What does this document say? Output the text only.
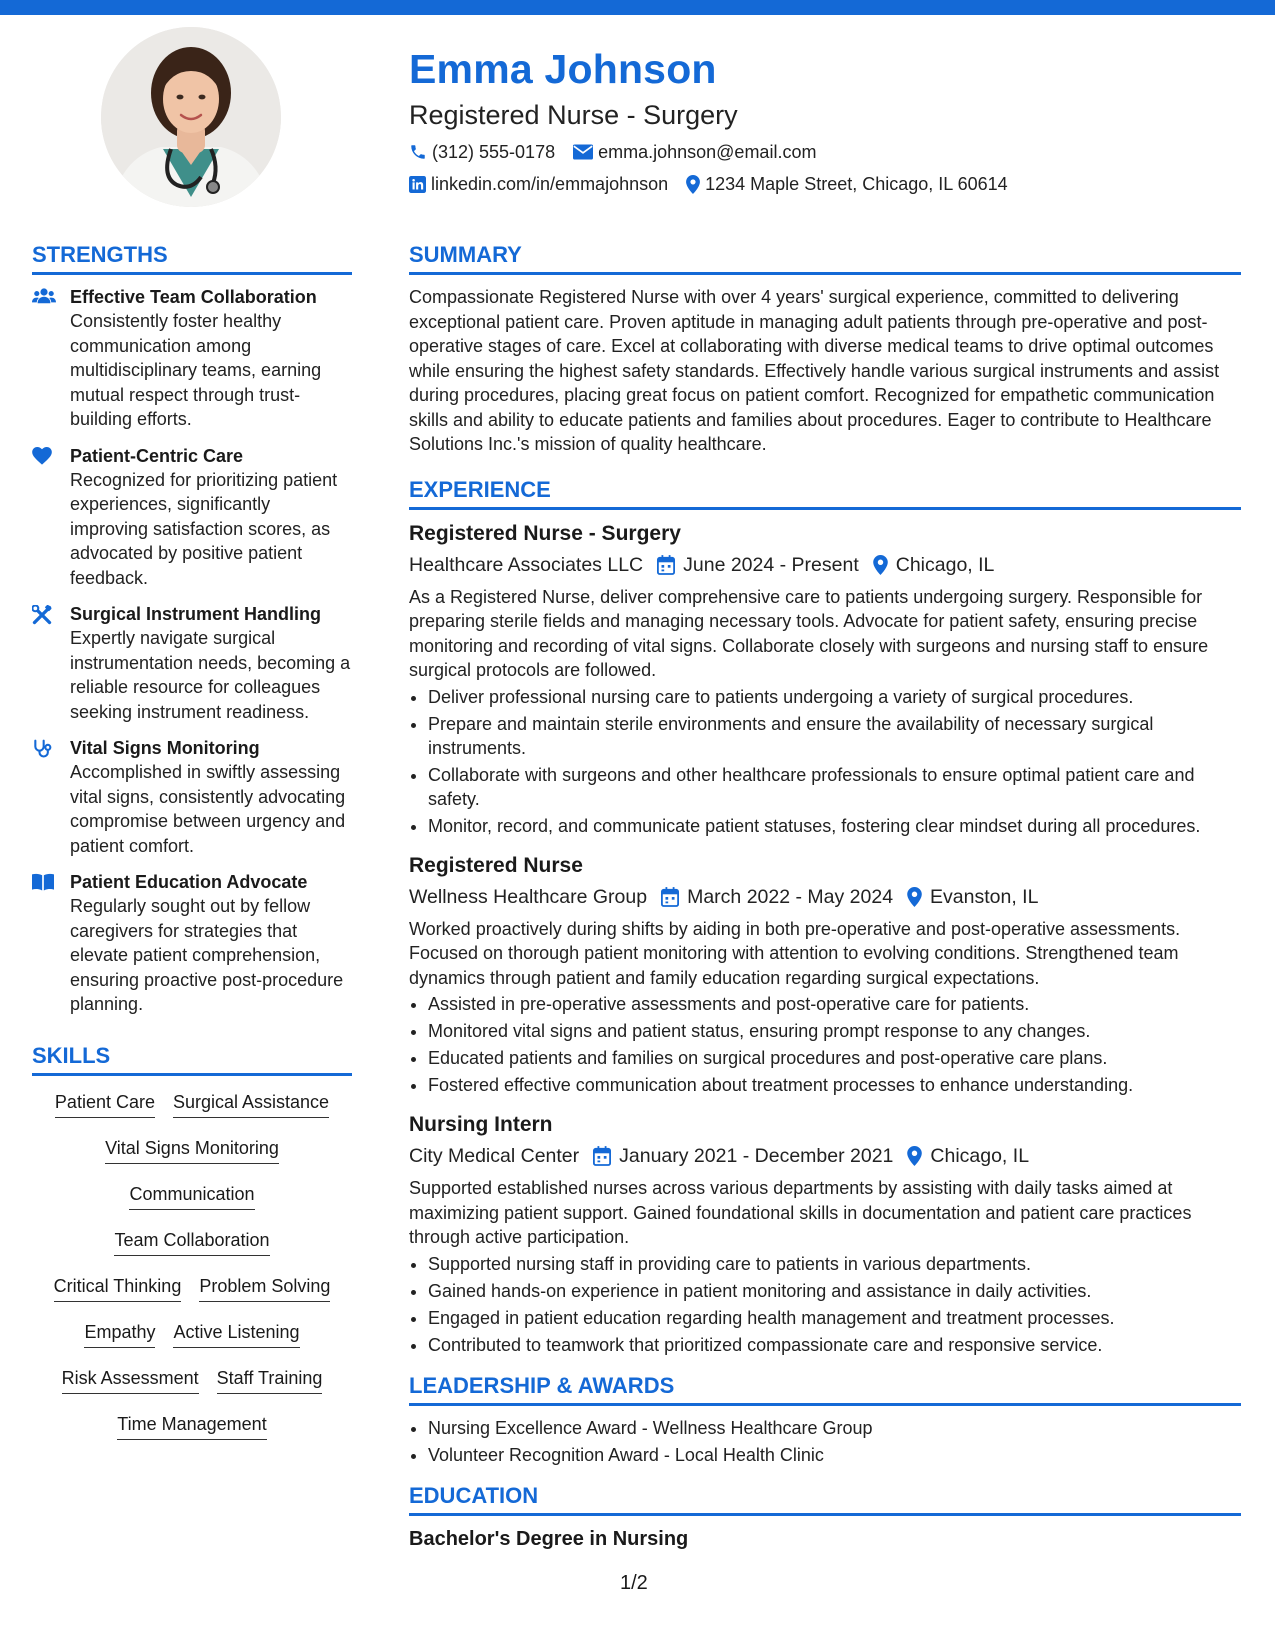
Emma Johnson
Registered Nurse - Surgery
(312) 555-0178 emma.johnson@email.com
linkedin.com/in/emmajohnson 1234 Maple Street, Chicago, IL 60614
STRENGTHS
Effective Team Collaboration
Consistently foster healthy communication among multidisciplinary teams, earning mutual respect through trust-building efforts.
Patient-Centric Care
Recognized for prioritizing patient experiences, significantly improving satisfaction scores, as advocated by positive patient feedback.
Surgical Instrument Handling
Expertly navigate surgical instrumentation needs, becoming a reliable resource for colleagues seeking instrument readiness.
Vital Signs Monitoring
Accomplished in swiftly assessing vital signs, consistently advocating compromise between urgency and patient comfort.
Patient Education Advocate
Regularly sought out by fellow caregivers for strategies that elevate patient comprehension, ensuring proactive post-procedure planning.
SKILLS
Patient Care Surgical Assistance
Vital Signs Monitoring
Communication
Team Collaboration
Critical Thinking Problem Solving
Empathy Active Listening
Risk Assessment Staff Training
Time Management
SUMMARY

Compassionate Registered Nurse with over 4 years' surgical experience, committed to delivering exceptional patient care. Proven aptitude in managing adult patients through pre-operative and post-operative stages of care. Excel at collaborating with diverse medical teams to drive optimal outcomes while ensuring the highest safety standards. Effectively handle various surgical instruments and assist during procedures, placing great focus on patient comfort. Recognized for empathetic communication skills and ability to educate patients and families about procedures. Eager to contribute to Healthcare Solutions Inc.'s mission of quality healthcare.

EXPERIENCE
Registered Nurse - Surgery
Healthcare Associates LLC June 2024 - Present Chicago, IL

As a Registered Nurse, deliver comprehensive care to patients undergoing surgery. Responsible for preparing sterile fields and managing necessary tools. Advocate for patient safety, ensuring precise monitoring and recording of vital signs. Collaborate closely with surgeons and nursing staff to ensure surgical protocols are followed.

• Deliver professional nursing care to patients undergoing a variety of surgical procedures.
• Prepare and maintain sterile environments and ensure the availability of necessary surgical instruments.
• Collaborate with surgeons and other healthcare professionals to ensure optimal patient care and safety.
• Monitor, record, and communicate patient statuses, fostering clear mindset during all procedures.
Registered Nurse
Wellness Healthcare Group March 2022 - May 2024 Evanston, IL

Worked proactively during shifts by aiding in both pre-operative and post-operative assessments. Focused on thorough patient monitoring with attention to evolving conditions. Strengthened team dynamics through patient and family education regarding surgical expectations.

• Assisted in pre-operative assessments and post-operative care for patients.
• Monitored vital signs and patient status, ensuring prompt response to any changes.
• Educated patients and families on surgical procedures and post-operative care plans.
• Fostered effective communication about treatment processes to enhance understanding.
Nursing Intern
City Medical Center January 2021 - December 2021 Chicago, IL

Supported established nurses across various departments by assisting with daily tasks aimed at maximizing patient support. Gained foundational skills in documentation and patient care practices through active participation.

• Supported nursing staff in providing care to patients in various departments.
• Gained hands-on experience in patient monitoring and assistance in daily activities.
• Engaged in patient education regarding health management and treatment processes.
• Contributed to teamwork that prioritized compassionate care and responsive service.
LEADERSHIP & AWARDS
• Nursing Excellence Award - Wellness Healthcare Group
• Volunteer Recognition Award - Local Health Clinic
EDUCATION
Bachelor's Degree in Nursing
1/2
